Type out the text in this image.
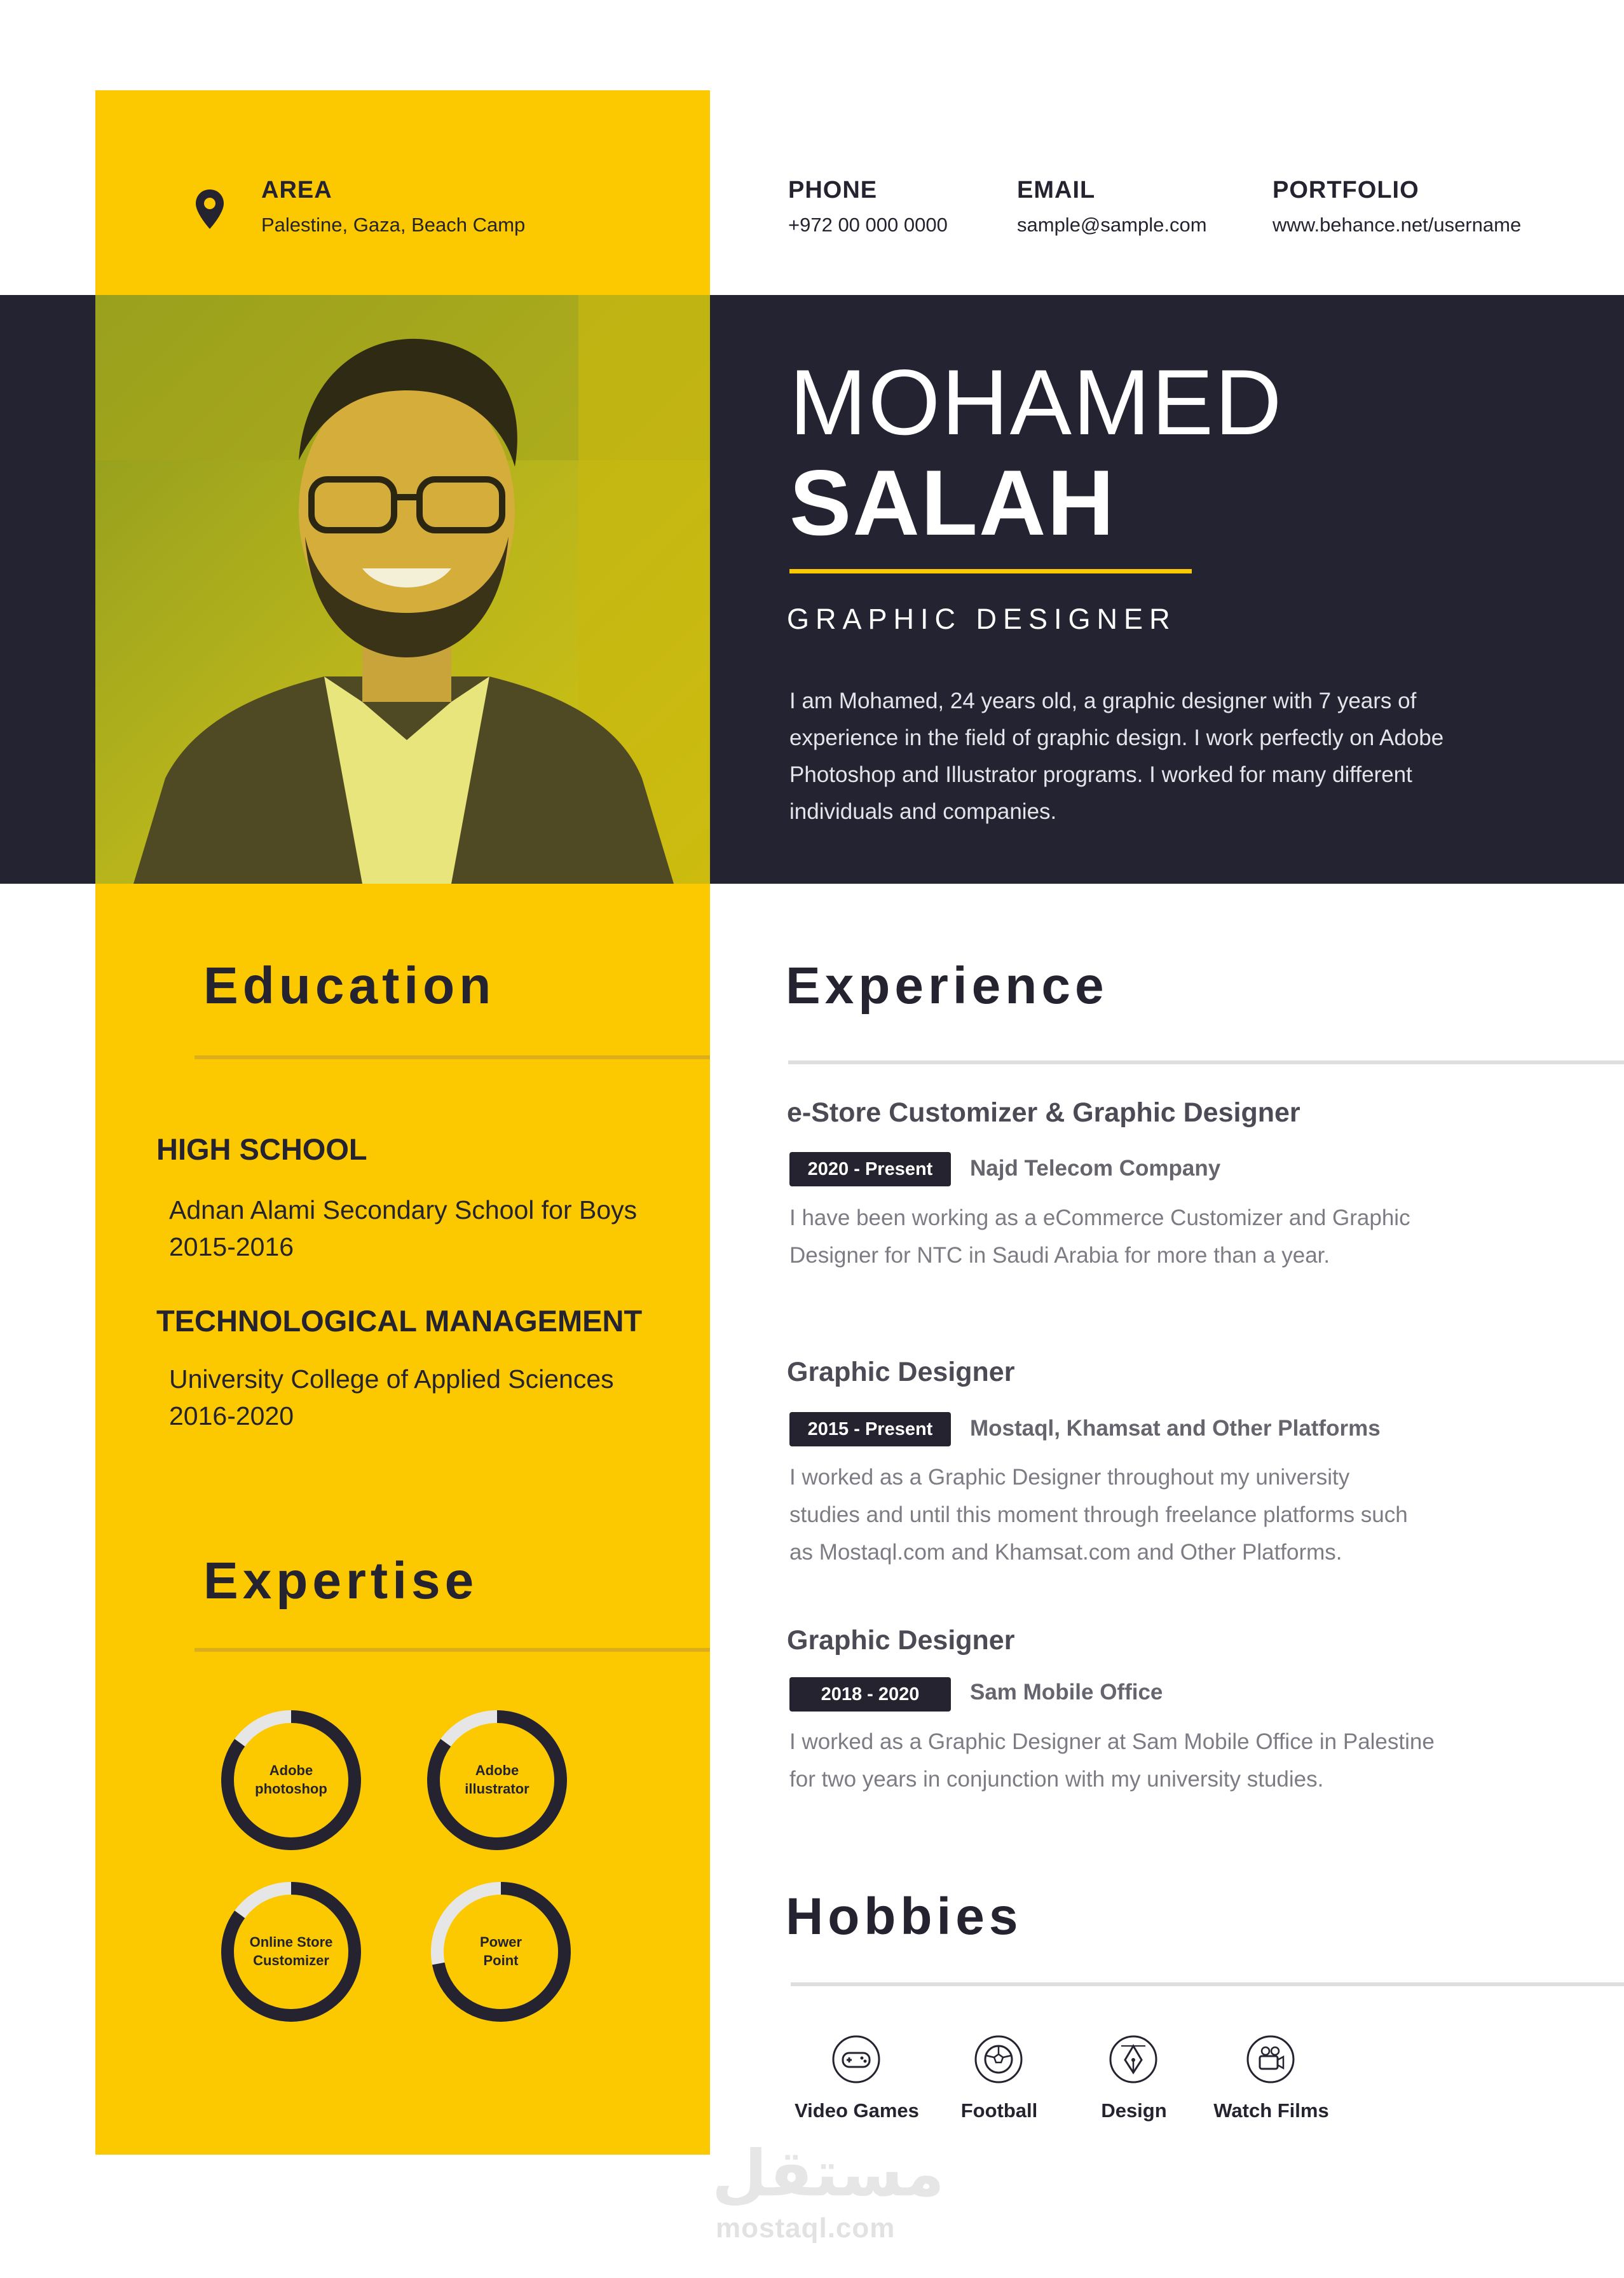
AREA
Palestine, Gaza, Beach Camp
PHONE
+972 00 000 0000
EMAIL
sample@sample.com
PORTFOLIO
www.behance.net/username
MOHAMED
SALAH
GRAPHIC DESIGNER
I am Mohamed, 24 years old, a graphic designer with 7 years of
experience in the field of graphic design. I work perfectly on Adobe
Photoshop and Illustrator programs. I worked for many different
individuals and companies.
Education
HIGH SCHOOL
Adnan Alami Secondary School for Boys
2015-2016
TECHNOLOGICAL MANAGEMENT
University College of Applied Sciences
2016-2020
Expertise
Adobe
photoshop
Adobe
illustrator
Online Store
Customizer
Power
Point
Experience
e-Store Customizer & Graphic Designer
2020 - Present	Najd Telecom Company
I have been working as a eCommerce Customizer and Graphic
Designer for NTC in Saudi Arabia for more than a year.
Graphic Designer
2015 - Present	Mostaql, Khamsat and Other Platforms
I worked as a Graphic Designer throughout my university
studies and until this moment through freelance platforms such
as Mostaql.com and Khamsat.com and Other Platforms.
Graphic Designer
2018 - 2020	Sam Mobile Office
I worked as a Graphic Designer at Sam Mobile Office in Palestine
for two years in conjunction with my university studies.
Hobbies
Video Games	Football	Design	Watch Films
مستقل
mostaql.com
